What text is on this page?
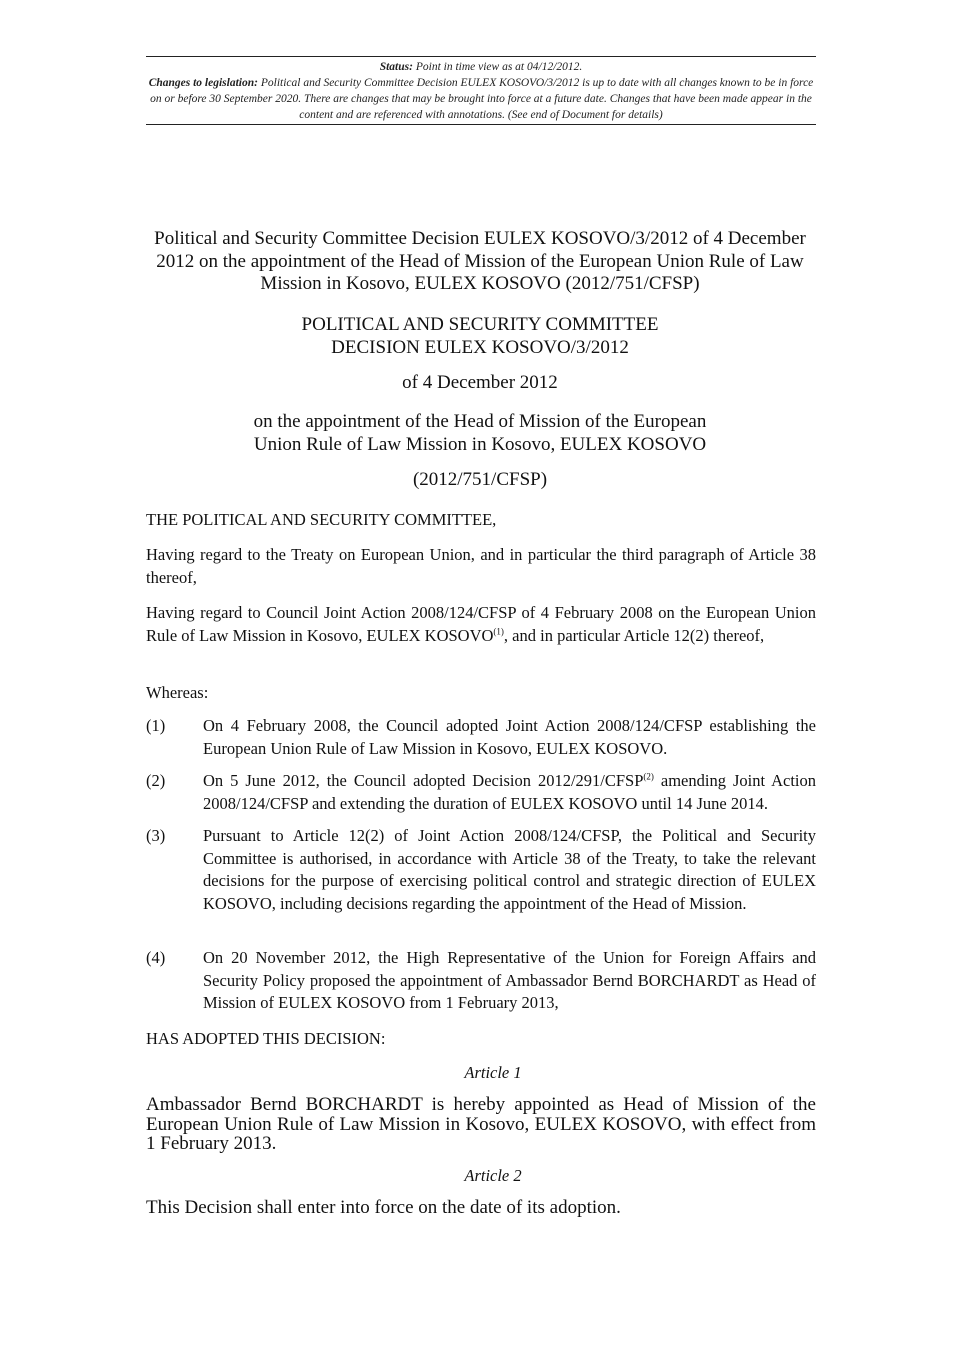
Status: Point in time view as at 04/12/2012.
Changes to legislation: Political and Security Committee Decision EULEX KOSOVO/3/2012 is up to date with all changes known to be in force on or before 30 September 2020. There are changes that may be brought into force at a future date. Changes that have been made appear in the content and are referenced with annotations. (See end of Document for details)
Political and Security Committee Decision EULEX KOSOVO/3/2012 of 4 December 2012 on the appointment of the Head of Mission of the European Union Rule of Law Mission in Kosovo, EULEX KOSOVO (2012/751/CFSP)
POLITICAL AND SECURITY COMMITTEE
DECISION EULEX KOSOVO/3/2012
of 4 December 2012
on the appointment of the Head of Mission of the European
Union Rule of Law Mission in Kosovo, EULEX KOSOVO
(2012/751/CFSP)
THE POLITICAL AND SECURITY COMMITTEE,
Having regard to the Treaty on European Union, and in particular the third paragraph of Article 38 thereof,
Having regard to Council Joint Action 2008/124/CFSP of 4 February 2008 on the European Union Rule of Law Mission in Kosovo, EULEX KOSOVO$^{(1)}$, and in particular Article 12(2) thereof,
Whereas:
(1) On 4 February 2008, the Council adopted Joint Action 2008/124/CFSP establishing the European Union Rule of Law Mission in Kosovo, EULEX KOSOVO.
(2) On 5 June 2012, the Council adopted Decision 2012/291/CFSP$^{(2)}$ amending Joint Action 2008/124/CFSP and extending the duration of EULEX KOSOVO until 14 June 2014.
(3) Pursuant to Article 12(2) of Joint Action 2008/124/CFSP, the Political and Security Committee is authorised, in accordance with Article 38 of the Treaty, to take the relevant decisions for the purpose of exercising political control and strategic direction of EULEX KOSOVO, including decisions regarding the appointment of the Head of Mission.
(4) On 20 November 2012, the High Representative of the Union for Foreign Affairs and Security Policy proposed the appointment of Ambassador Bernd BORCHARDT as Head of Mission of EULEX KOSOVO from 1 February 2013,
HAS ADOPTED THIS DECISION:
Article 1
Ambassador Bernd BORCHARDT is hereby appointed as Head of Mission of the European Union Rule of Law Mission in Kosovo, EULEX KOSOVO, with effect from 1 February 2013.
Article 2
This Decision shall enter into force on the date of its adoption.
